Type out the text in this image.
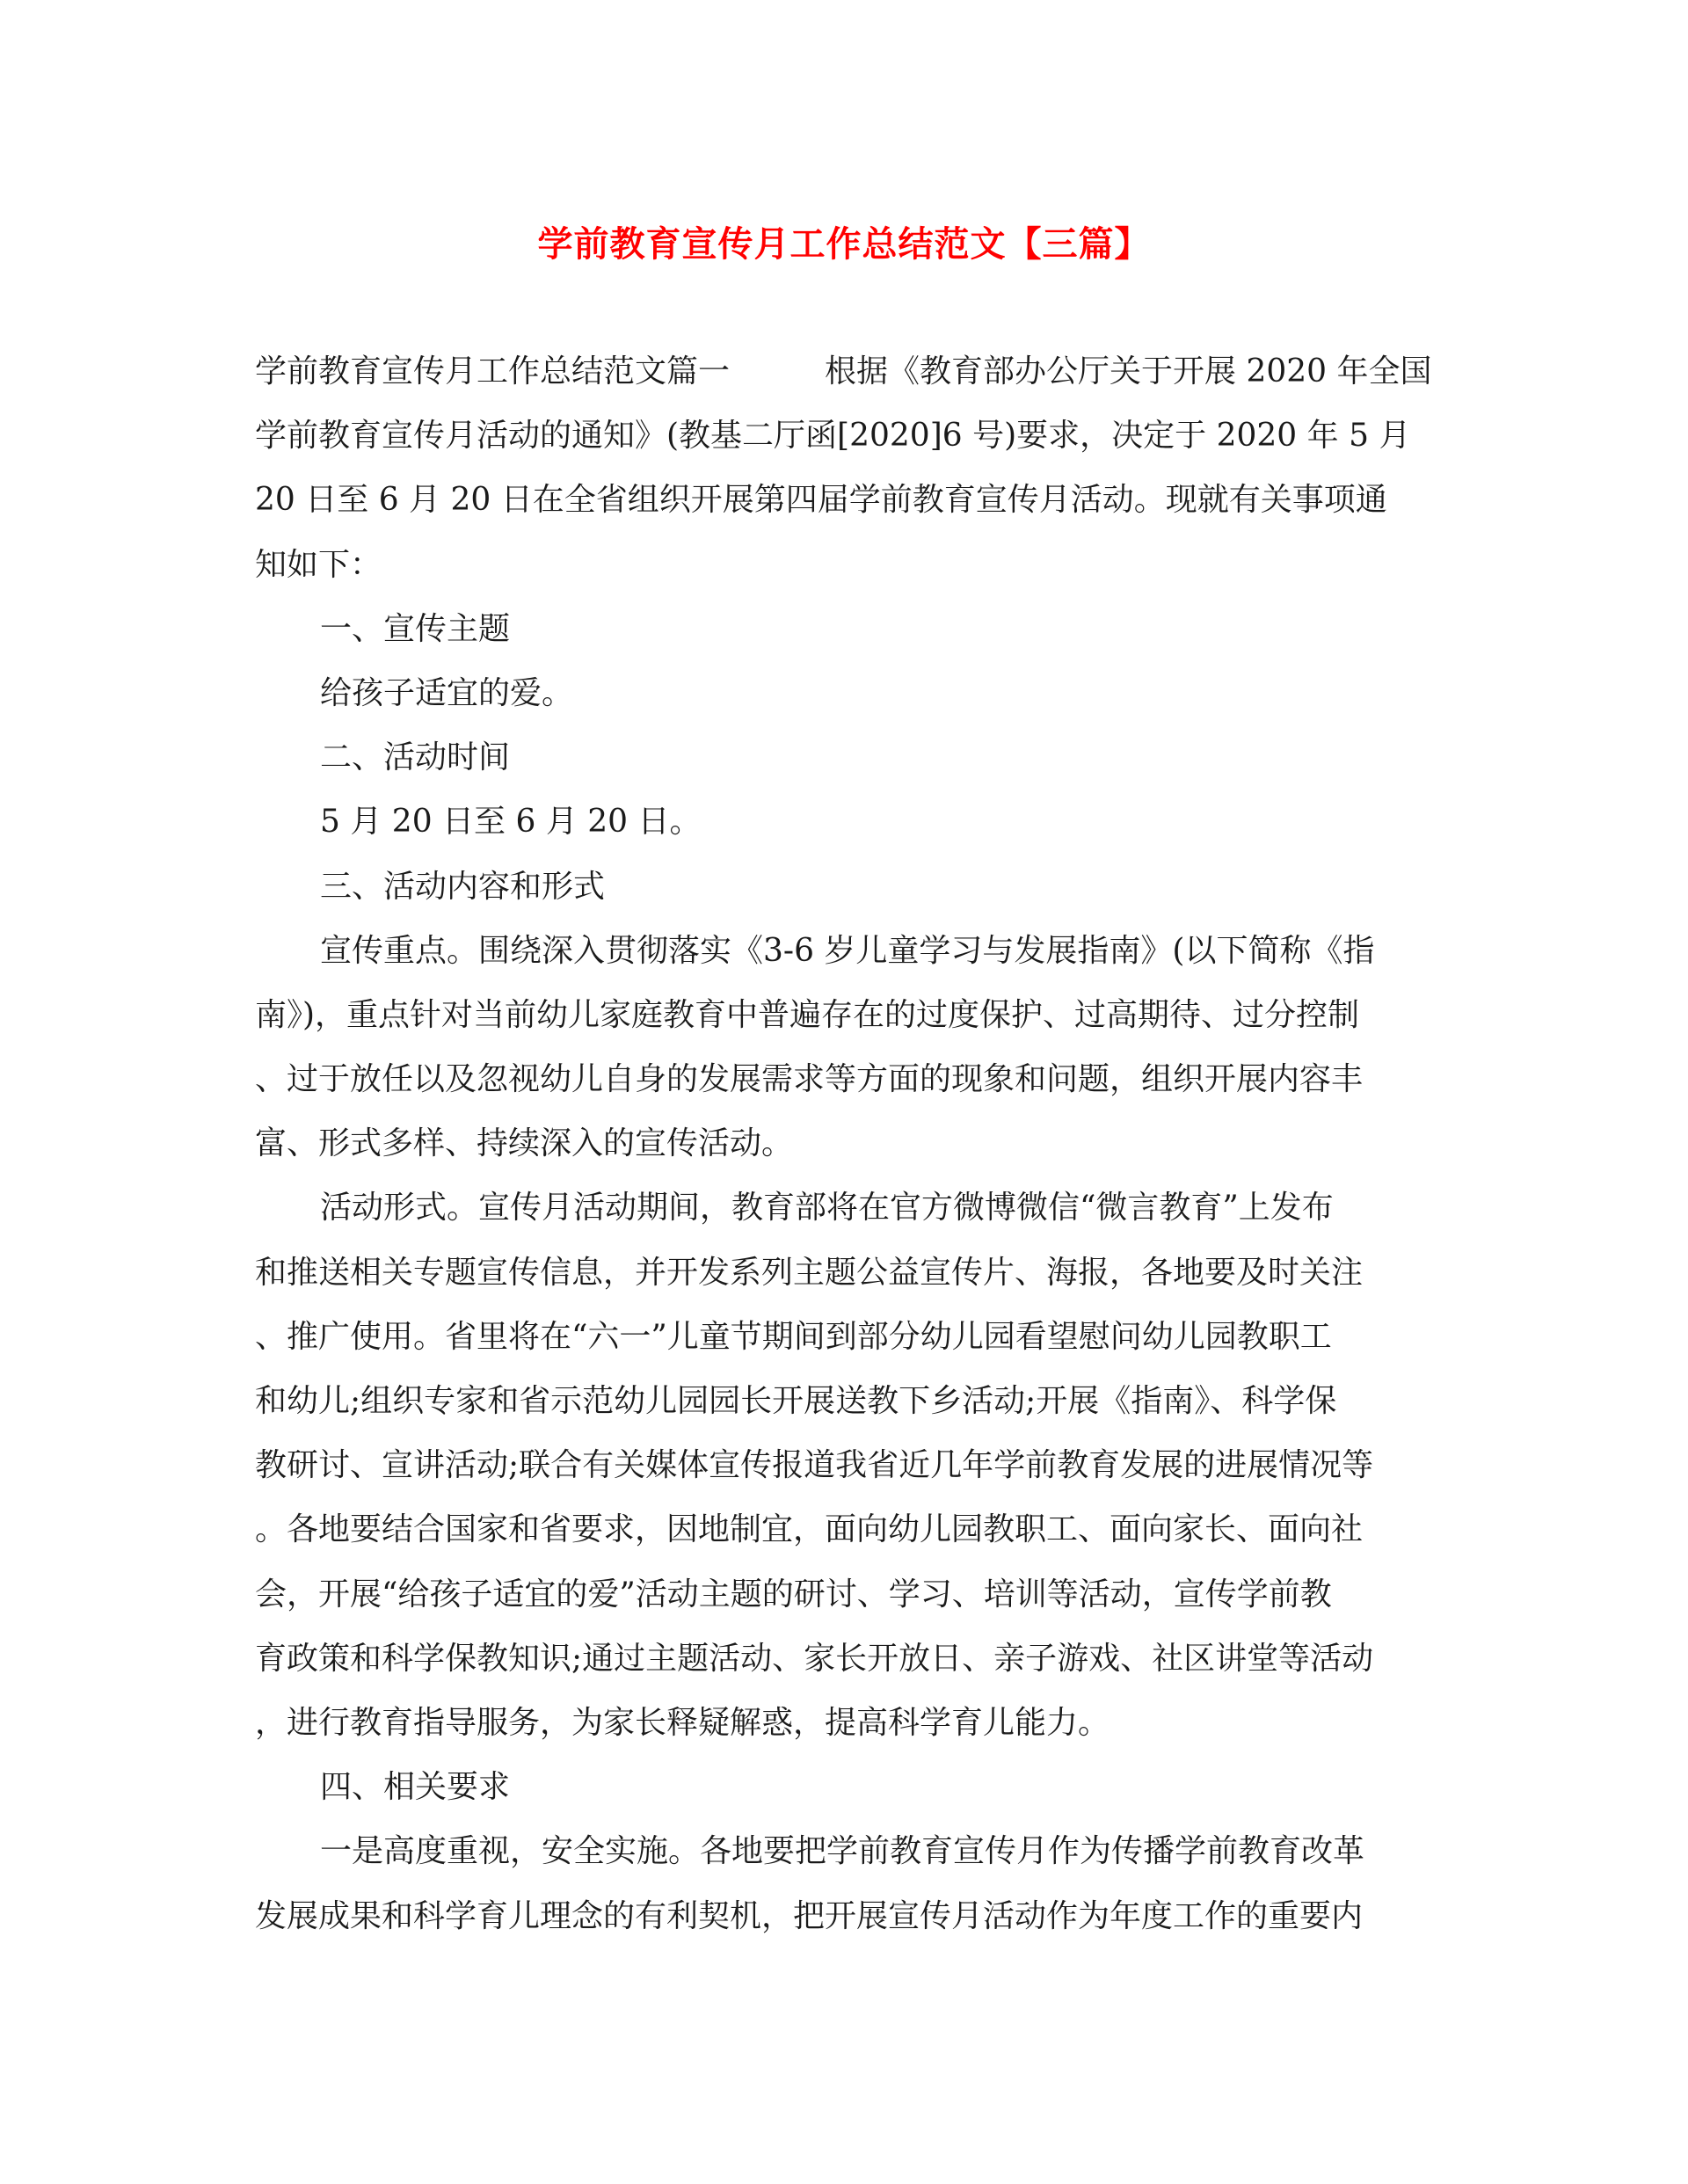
学前教育宣传月工作总结范文【三篇】
学前教育宣传月工作总结范文篇一　　　根据《教育部办公厅关于开展 2020 年全国
学前教育宣传月活动的通知》(教基二厅函[2020]6 号)要求，决定于 2020 年 5 月
20 日至 6 月 20 日在全省组织开展第四届学前教育宣传月活动。现就有关事项通
知如下：
一、宣传主题
给孩子适宜的爱。
二、活动时间
5 月 20 日至 6 月 20 日。
三、活动内容和形式
宣传重点。围绕深入贯彻落实《3-6 岁儿童学习与发展指南》(以下简称《指
南》)，重点针对当前幼儿家庭教育中普遍存在的过度保护、过高期待、过分控制
、过于放任以及忽视幼儿自身的发展需求等方面的现象和问题，组织开展内容丰
富、形式多样、持续深入的宣传活动。
活动形式。宣传月活动期间，教育部将在官方微博微信“微言教育”上发布
和推送相关专题宣传信息，并开发系列主题公益宣传片、海报，各地要及时关注
、推广使用。省里将在“六一”儿童节期间到部分幼儿园看望慰问幼儿园教职工
和幼儿;组织专家和省示范幼儿园园长开展送教下乡活动;开展《指南》、科学保
教研讨、宣讲活动;联合有关媒体宣传报道我省近几年学前教育发展的进展情况等
。各地要结合国家和省要求，因地制宜，面向幼儿园教职工、面向家长、面向社
会，开展“给孩子适宜的爱”活动主题的研讨、学习、培训等活动，宣传学前教
育政策和科学保教知识;通过主题活动、家长开放日、亲子游戏、社区讲堂等活动
，进行教育指导服务，为家长释疑解惑，提高科学育儿能力。
四、相关要求
一是高度重视，安全实施。各地要把学前教育宣传月作为传播学前教育改革
发展成果和科学育儿理念的有利契机，把开展宣传月活动作为年度工作的重要内
